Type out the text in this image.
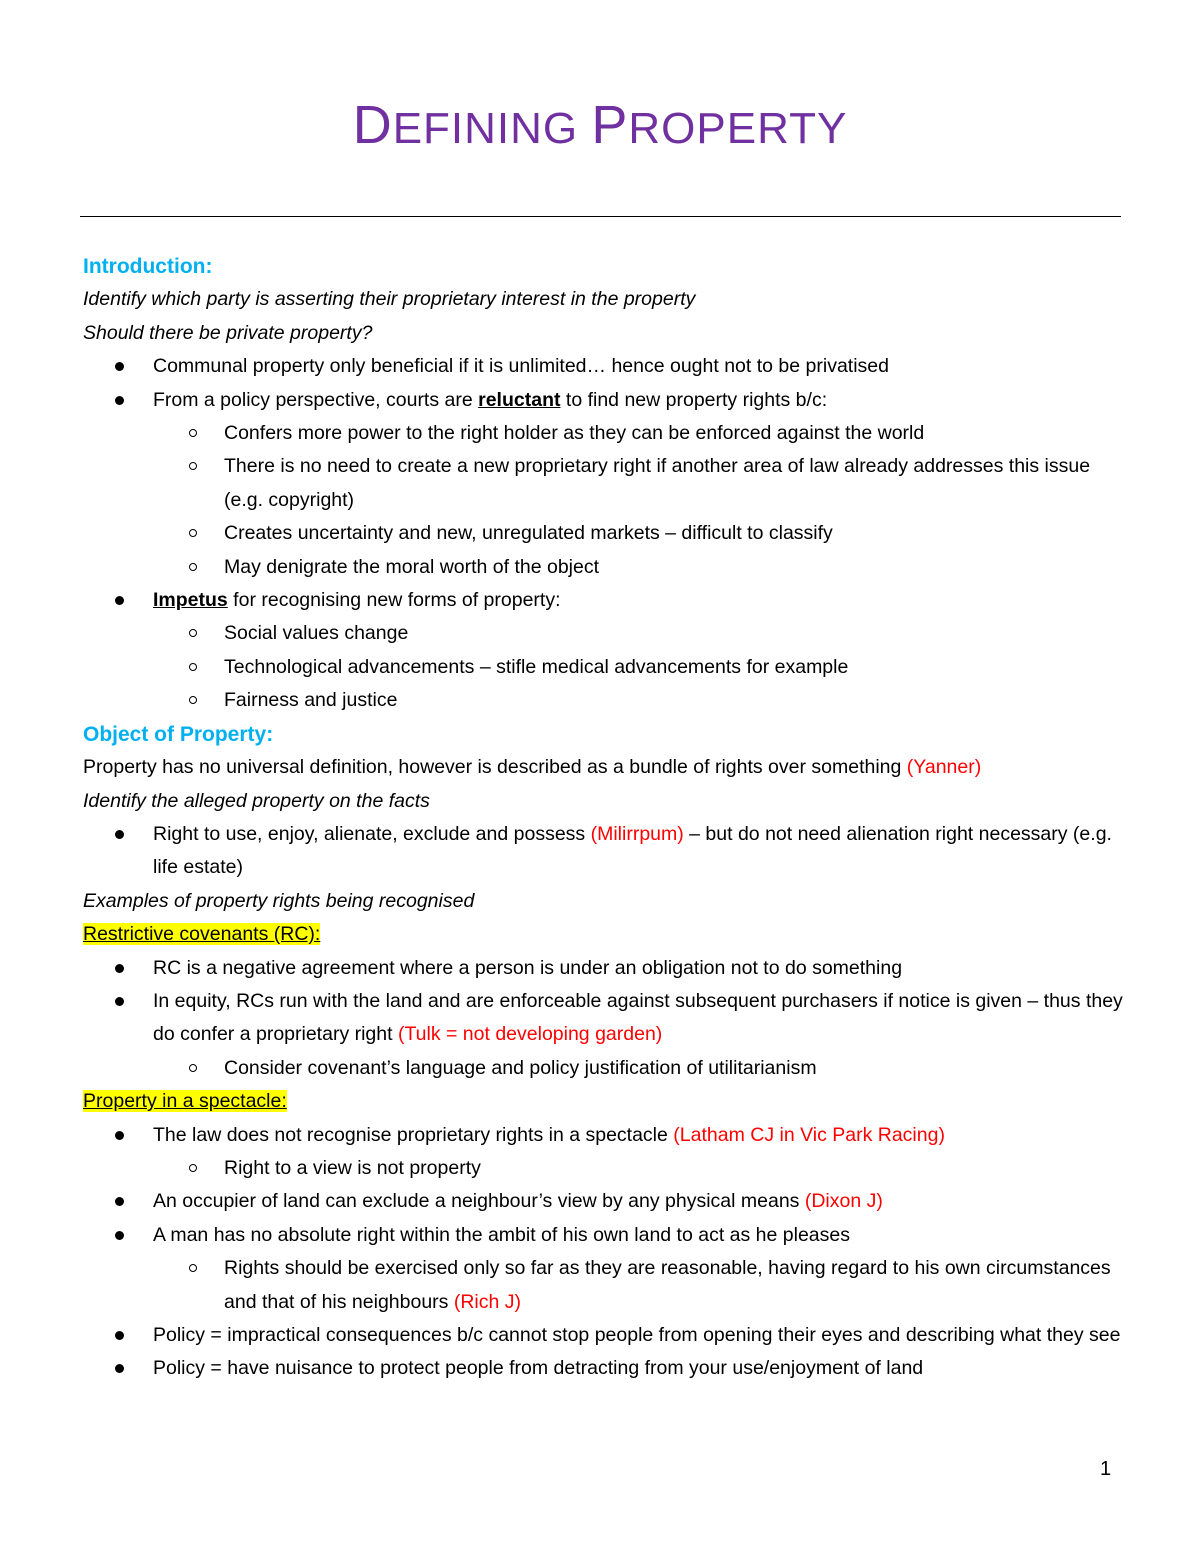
DEFINING PROPERTY
Introduction:
Identify which party is asserting their proprietary interest in the property
Should there be private property?
Communal property only beneficial if it is unlimited… hence ought not to be privatised
From a policy perspective, courts are reluctant to find new property rights b/c:
Confers more power to the right holder as they can be enforced against the world
There is no need to create a new proprietary right if another area of law already addresses this issue (e.g. copyright)
Creates uncertainty and new, unregulated markets – difficult to classify
May denigrate the moral worth of the object
Impetus for recognising new forms of property:
Social values change
Technological advancements – stifle medical advancements for example
Fairness and justice
Object of Property:
Property has no universal definition, however is described as a bundle of rights over something (Yanner)
Identify the alleged property on the facts
Right to use, enjoy, alienate, exclude and possess (Milirrpum) – but do not need alienation right necessary (e.g. life estate)
Examples of property rights being recognised
Restrictive covenants (RC):
RC is a negative agreement where a person is under an obligation not to do something
In equity, RCs run with the land and are enforceable against subsequent purchasers if notice is given – thus they do confer a proprietary right (Tulk = not developing garden)
Consider covenant’s language and policy justification of utilitarianism
Property in a spectacle:
The law does not recognise proprietary rights in a spectacle (Latham CJ in Vic Park Racing)
Right to a view is not property
An occupier of land can exclude a neighbour’s view by any physical means (Dixon J)
A man has no absolute right within the ambit of his own land to act as he pleases
Rights should be exercised only so far as they are reasonable, having regard to his own circumstances and that of his neighbours (Rich J)
Policy = impractical consequences b/c cannot stop people from opening their eyes and describing what they see
Policy = have nuisance to protect people from detracting from your use/enjoyment of land
1
